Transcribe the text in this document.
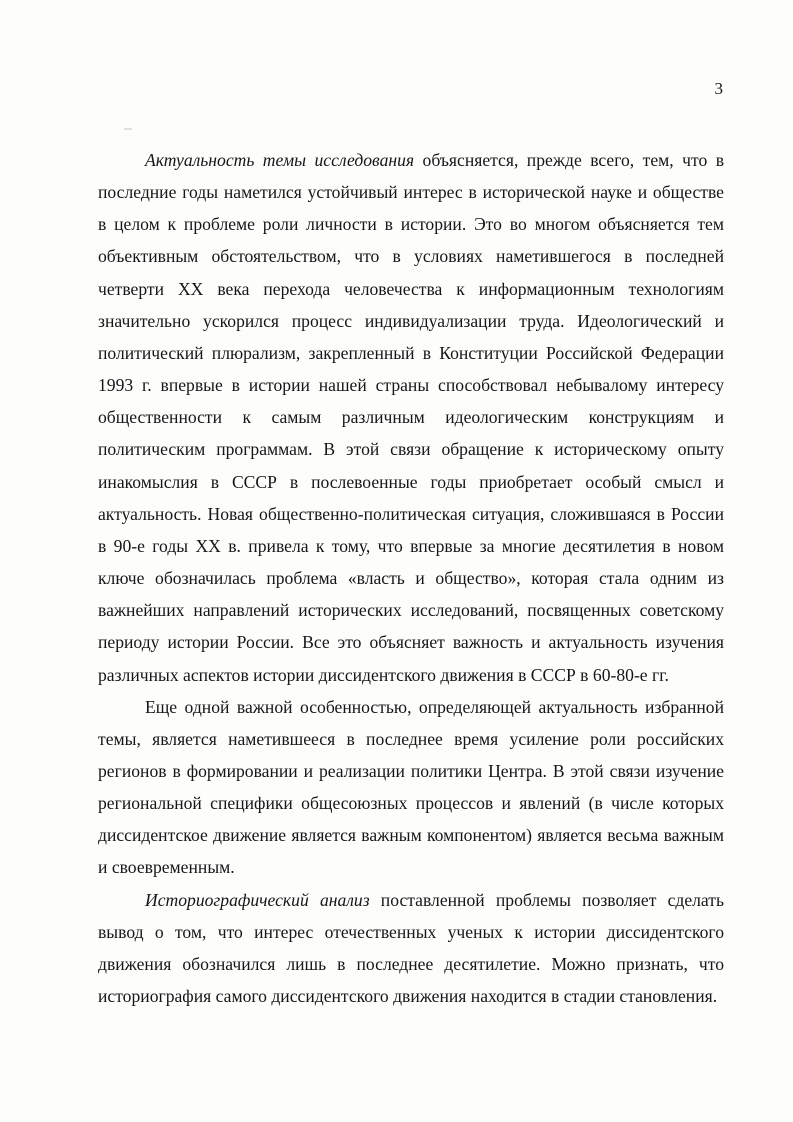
3

Актуальность темы исследования объясняется, прежде всего, тем, что в последние годы наметился устойчивый интерес в исторической науке и обществе в целом к проблеме роли личности в истории. Это во многом объясняется тем объективным обстоятельством, что в условиях наметившегося в последней четверти XX века перехода человечества к информационным технологиям значительно ускорился процесс индивидуализации труда. Идеологический и политический плюрализм, закрепленный в Конституции Российской Федерации 1993 г. впервые в истории нашей страны способствовал небывалому интересу общественности к самым различным идеологическим конструкциям и политическим программам. В этой связи обращение к историческому опыту инакомыслия в СССР в послевоенные годы приобретает особый смысл и актуальность. Новая общественно-политическая ситуация, сложившаяся в России в 90-е годы XX в. привела к тому, что впервые за многие десятилетия в новом ключе обозначилась проблема «власть и общество», которая стала одним из важнейших направлений исторических исследований, посвященных советскому периоду истории России. Все это объясняет важность и актуальность изучения различных аспектов истории диссидентского движения в СССР в 60-80-е гг.

Еще одной важной особенностью, определяющей актуальность избранной темы, является наметившееся в последнее время усиление роли российских регионов в формировании и реализации политики Центра. В этой связи изучение региональной специфики общесоюзных процессов и явлений (в числе которых диссидентское движение является важным компонентом) является весьма важным и своевременным.

Историографический анализ поставленной проблемы позволяет сделать вывод о том, что интерес отечественных ученых к истории диссидентского движения обозначился лишь в последнее десятилетие. Можно признать, что историография самого диссидентского движения находится в стадии становления.
